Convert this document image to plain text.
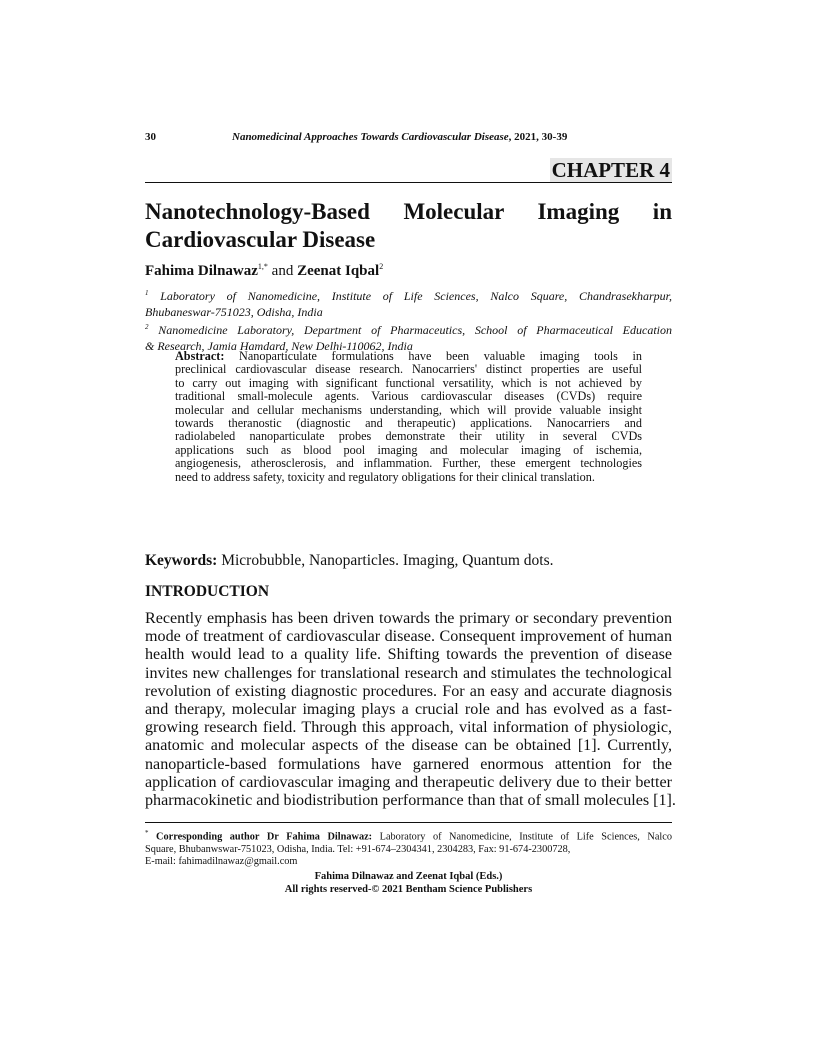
30	Nanomedicinal Approaches Towards Cardiovascular Disease, 2021, 30-39
CHAPTER 4
Nanotechnology-Based Molecular Imaging in
Cardiovascular Disease
Fahima Dilnawaz$^{1,*}$ and Zeenat Iqbal$^2$
$^1$ Laboratory of Nanomedicine, Institute of Life Sciences, Nalco Square, Chandrasekharpur,
Bhubaneswar-751023, Odisha, India
$^2$ Nanomedicine Laboratory, Department of Pharmaceutics, School of Pharmaceutical Education
& Research, Jamia Hamdard, New Delhi-110062, India
Abstract: Nanoparticulate formulations have been valuable imaging tools in
preclinical cardiovascular disease research. Nanocarriers' distinct properties are useful
to carry out imaging with significant functional versatility, which is not achieved by
traditional small-molecule agents. Various cardiovascular diseases (CVDs) require
molecular and cellular mechanisms understanding, which will provide valuable insight
towards theranostic (diagnostic and therapeutic) applications. Nanocarriers and
radiolabeled nanoparticulate probes demonstrate their utility in several CVDs
applications such as blood pool imaging and molecular imaging of ischemia,
angiogenesis, atherosclerosis, and inflammation. Further, these emergent technologies
need to address safety, toxicity and regulatory obligations for their clinical translation.
Keywords: Microbubble, Nanoparticles. Imaging, Quantum dots.
INTRODUCTION
Recently emphasis has been driven towards the primary or secondary prevention
mode of treatment of cardiovascular disease. Consequent improvement of human
health would lead to a quality life. Shifting towards the prevention of disease
invites new challenges for translational research and stimulates the technological
revolution of existing diagnostic procedures. For an easy and accurate diagnosis
and therapy, molecular imaging plays a crucial role and has evolved as a fast-
growing research field. Through this approach, vital information of physiologic,
anatomic and molecular aspects of the disease can be obtained [1]. Currently,
nanoparticle-based formulations have garnered enormous attention for the
application of cardiovascular imaging and therapeutic delivery due to their better
pharmacokinetic and biodistribution performance than that of small molecules [1].
* Corresponding author Dr Fahima Dilnawaz: Laboratory of Nanomedicine, Institute of Life Sciences, Nalco
Square, Bhubanwswar-751023, Odisha, India. Tel: +91-674–2304341, 2304283, Fax: 91-674-2300728,
E-mail: fahimadilnawaz@gmail.com
Fahima Dilnawaz and Zeenat Iqbal (Eds.)
All rights reserved-© 2021 Bentham Science Publishers
